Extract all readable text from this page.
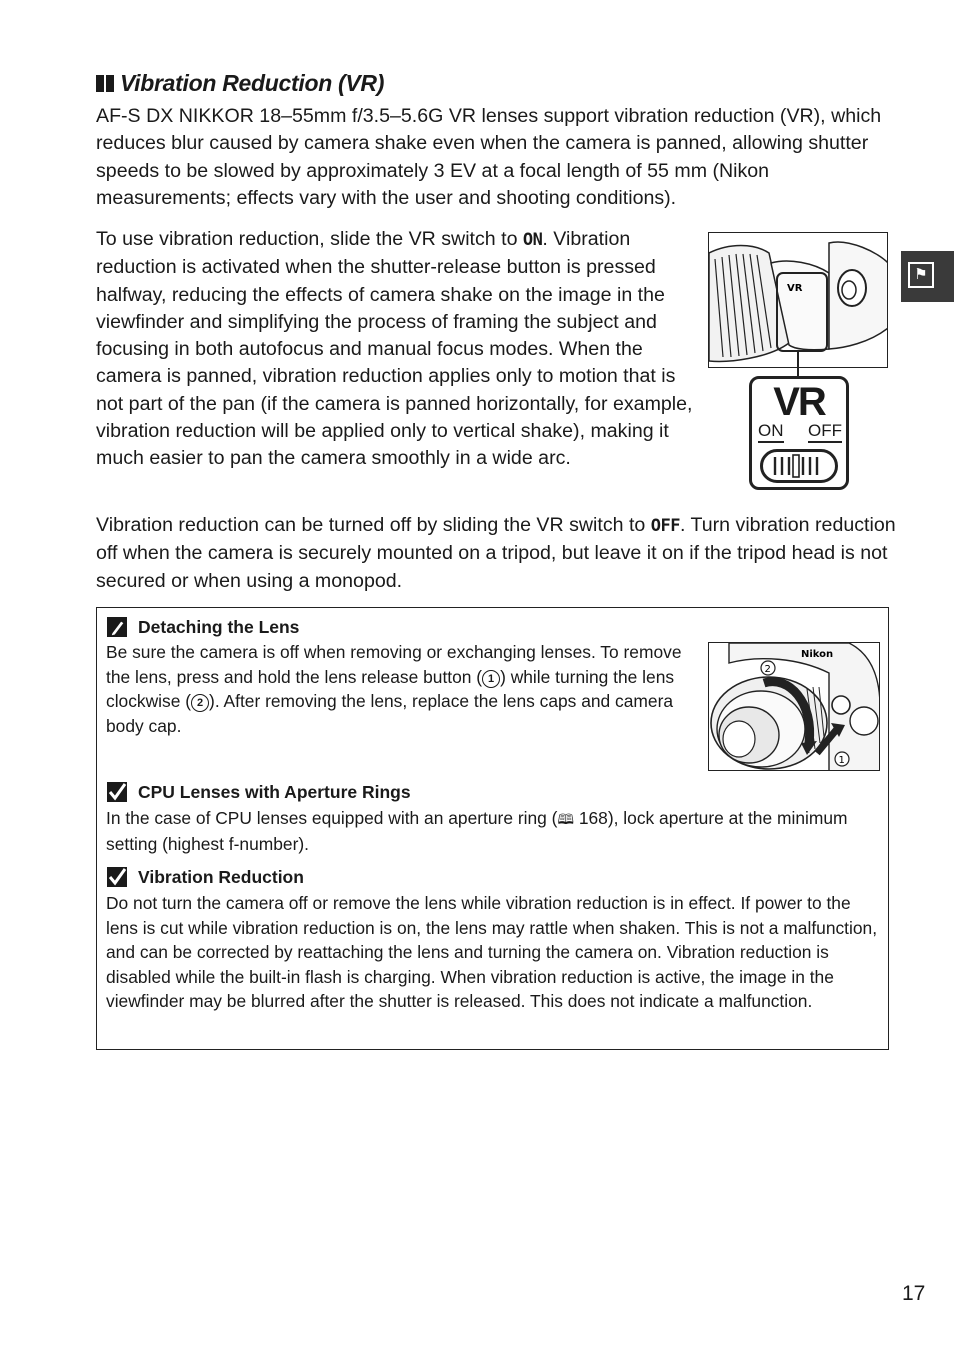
Vibration Reduction (VR)
AF-S DX NIKKOR 18–55mm f/3.5–5.6G VR lenses support vibration reduction (VR), which reduces blur caused by camera shake even when the camera is panned, allowing shutter speeds to be slowed by approximately 3 EV at a focal length of 55 mm (Nikon measurements; effects vary with the user and shooting conditions).
To use vibration reduction, slide the VR switch to ON. Vibration reduction is activated when the shutter-release button is pressed halfway, reducing the effects of camera shake on the image in the viewfinder and simplifying the process of framing the subject and focusing in both autofocus and manual focus modes. When the camera is panned, vibration reduction applies only to motion that is not part of the pan (if the camera is panned horizontally, for example, vibration reduction will be applied only to vertical shake), making it much easier to pan the camera smoothly in a wide arc.
⚑
VR
VR
ON OFF
Vibration reduction can be turned off by sliding the VR switch to OFF. Turn vibration reduction off when the camera is securely mounted on a tripod, but leave it on if the tripod head is not secured or when using a monopod.
Detaching the Lens
Be sure the camera is off when removing or exchanging lenses. To remove the lens, press and hold the lens release button ( 1 ) while turning the lens clockwise ( 2 ). After removing the lens, replace the lens caps and camera body cap.
Nikon
2
1
CPU Lenses with Aperture Rings
In the case of CPU lenses equipped with an aperture ring (🕮 168), lock aperture at the minimum setting (highest f-number).
Vibration Reduction
Do not turn the camera off or remove the lens while vibration reduction is in effect. If power to the lens is cut while vibration reduction is on, the lens may rattle when shaken. This is not a malfunction, and can be corrected by reattaching the lens and turning the camera on. Vibration reduction is disabled while the built-in flash is charging. When vibration reduction is active, the image in the viewfinder may be blurred after the shutter is released. This does not indicate a malfunction.
17
